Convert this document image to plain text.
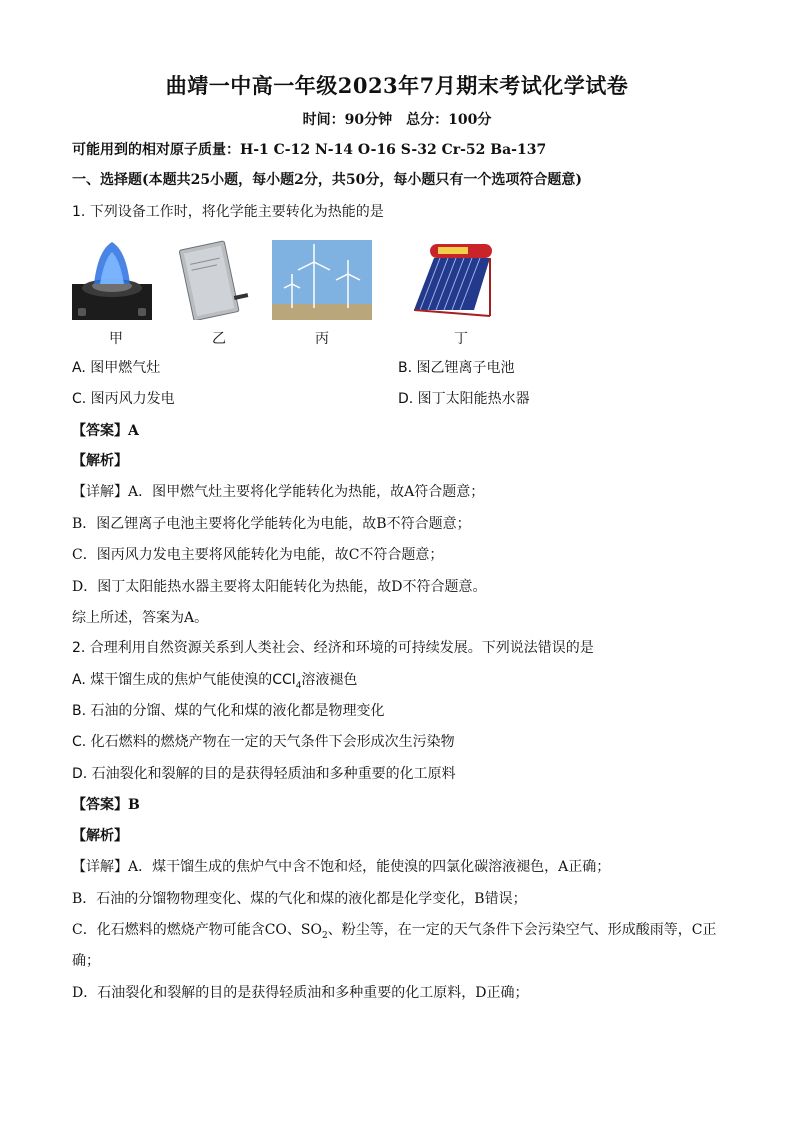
曲靖一中高一年级2023年7月期末考试化学试卷
时间：90分钟　总分：100分
可能用到的相对原子质量：H-1 C-12 N-14 O-16 S-32 Cr-52 Ba-137
一、选择题(本题共25小题，每小题2分，共50分，每小题只有一个选项符合题意)
1. 下列设备工作时，将化学能主要转化为热能的是
甲	乙	丙	丁
A. 图甲燃气灶	B. 图乙锂离子电池
C. 图丙风力发电	D. 图丁太阳能热水器
【答案】A
【解析】
【详解】A．图甲燃气灶主要将化学能转化为热能，故A符合题意；
B．图乙锂离子电池主要将化学能转化为电能，故B不符合题意；
C．图丙风力发电主要将风能转化为电能，故C不符合题意；
D．图丁太阳能热水器主要将太阳能转化为热能，故D不符合题意。
综上所述，答案为A。
2. 合理利用自然资源关系到人类社会、经济和环境的可持续发展。下列说法错误的是
A. 煤干馏生成的焦炉气能使溴的CCl$_4$溶液褪色
B. 石油的分馏、煤的气化和煤的液化都是物理变化
C. 化石燃料的燃烧产物在一定的天气条件下会形成次生污染物
D. 石油裂化和裂解的目的是获得轻质油和多种重要的化工原料
【答案】B
【解析】
【详解】A．煤干馏生成的焦炉气中含不饱和烃，能使溴的四氯化碳溶液褪色，A正确；
B．石油的分馏物物理变化、煤的气化和煤的液化都是化学变化，B错误；
C．化石燃料的燃烧产物可能含CO、$SO_2$、粉尘等，在一定的天气条件下会污染空气、形成酸雨等，C正
确；
D．石油裂化和裂解的目的是获得轻质油和多种重要的化工原料，D正确；
